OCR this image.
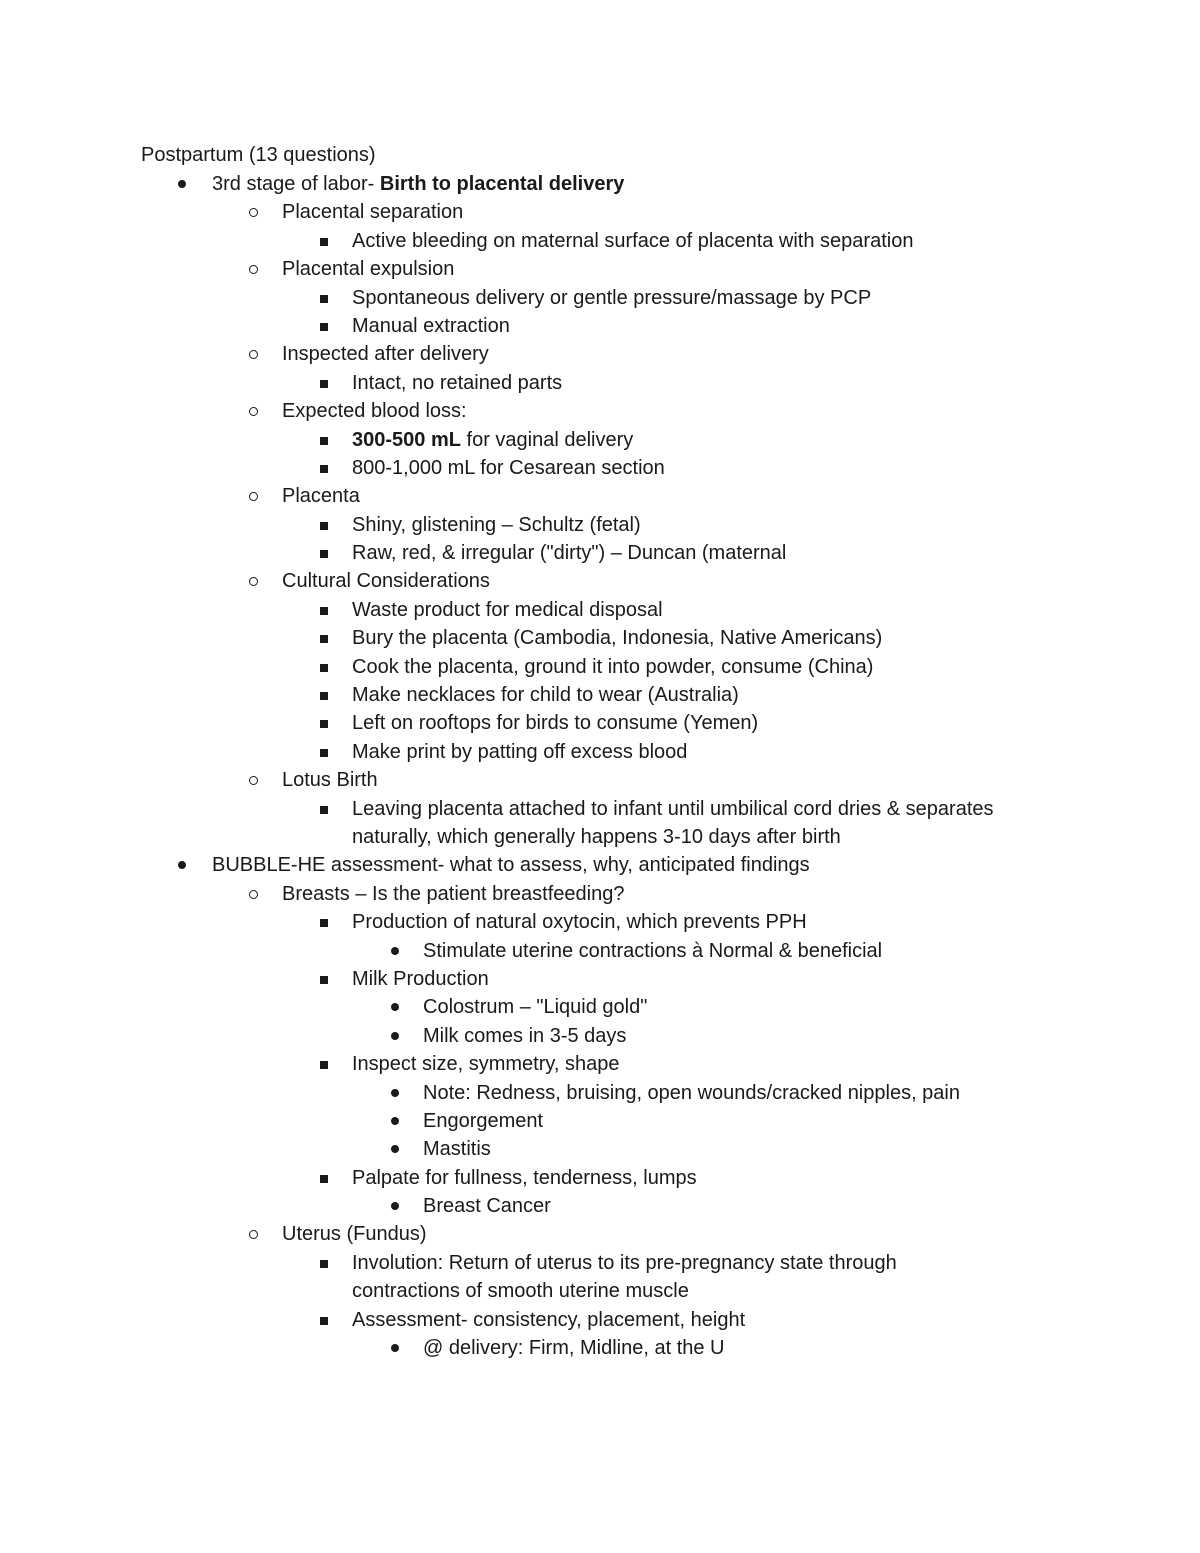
Postpartum (13 questions)
3rd stage of labor- Birth to placental delivery
Placental separation
Active bleeding on maternal surface of placenta with separation
Placental expulsion
Spontaneous delivery or gentle pressure/massage by PCP
Manual extraction
Inspected after delivery
Intact, no retained parts
Expected blood loss:
300-500 mL for vaginal delivery
800-1,000 mL for Cesarean section
Placenta
Shiny, glistening – Schultz (fetal)
Raw, red, & irregular ("dirty") – Duncan (maternal
Cultural Considerations
Waste product for medical disposal
Bury the placenta (Cambodia, Indonesia, Native Americans)
Cook the placenta, ground it into powder, consume (China)
Make necklaces for child to wear (Australia)
Left on rooftops for birds to consume (Yemen)
Make print by patting off excess blood
Lotus Birth
Leaving placenta attached to infant until umbilical cord dries & separates
naturally, which generally happens 3-10 days after birth
BUBBLE-HE assessment- what to assess, why, anticipated findings
Breasts – Is the patient breastfeeding?
Production of natural oxytocin, which prevents PPH
Stimulate uterine contractions à Normal & beneficial
Milk Production
Colostrum – "Liquid gold"
Milk comes in 3-5 days
Inspect size, symmetry, shape
Note: Redness, bruising, open wounds/cracked nipples, pain
Engorgement
Mastitis
Palpate for fullness, tenderness, lumps
Breast Cancer
Uterus (Fundus)
Involution: Return of uterus to its pre-pregnancy state through
contractions of smooth uterine muscle
Assessment- consistency, placement, height
@ delivery: Firm, Midline, at the U
